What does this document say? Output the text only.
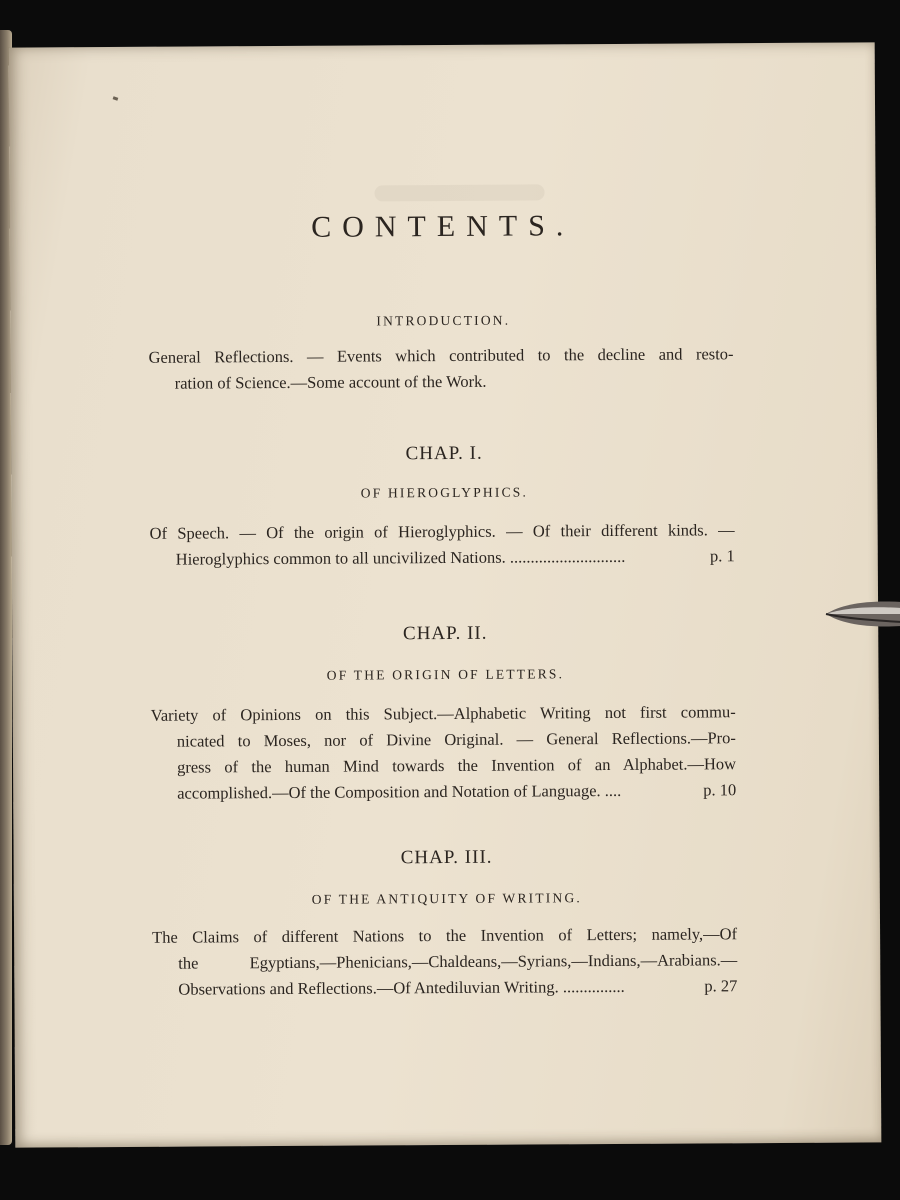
CONTENTS.
INTRODUCTION.
General Reflections. — Events which contributed to the decline and resto-
ration of Science.—Some account of the Work.
CHAP. I.
OF HIEROGLYPHICS.
Of Speech. — Of the origin of Hieroglyphics. — Of their different kinds. —
Hieroglyphics common to all uncivilized Nations. ............................	p. 1
CHAP. II.
OF THE ORIGIN OF LETTERS.
Variety of Opinions on this Subject.—Alphabetic Writing not first commu-
nicated to Moses, nor of Divine Original. — General Reflections.—Pro-
gress of the human Mind towards the Invention of an Alphabet.—How
accomplished.—Of the Composition and Notation of Language. ....	p. 10
CHAP. III.
OF THE ANTIQUITY OF WRITING.
The Claims of different Nations to the Invention of Letters; namely,—Of
the Egyptians,—Phenicians,—Chaldeans,—Syrians,—Indians,—Arabians.—
Observations and Reflections.—Of Antediluvian Writing. ...............	p. 27
